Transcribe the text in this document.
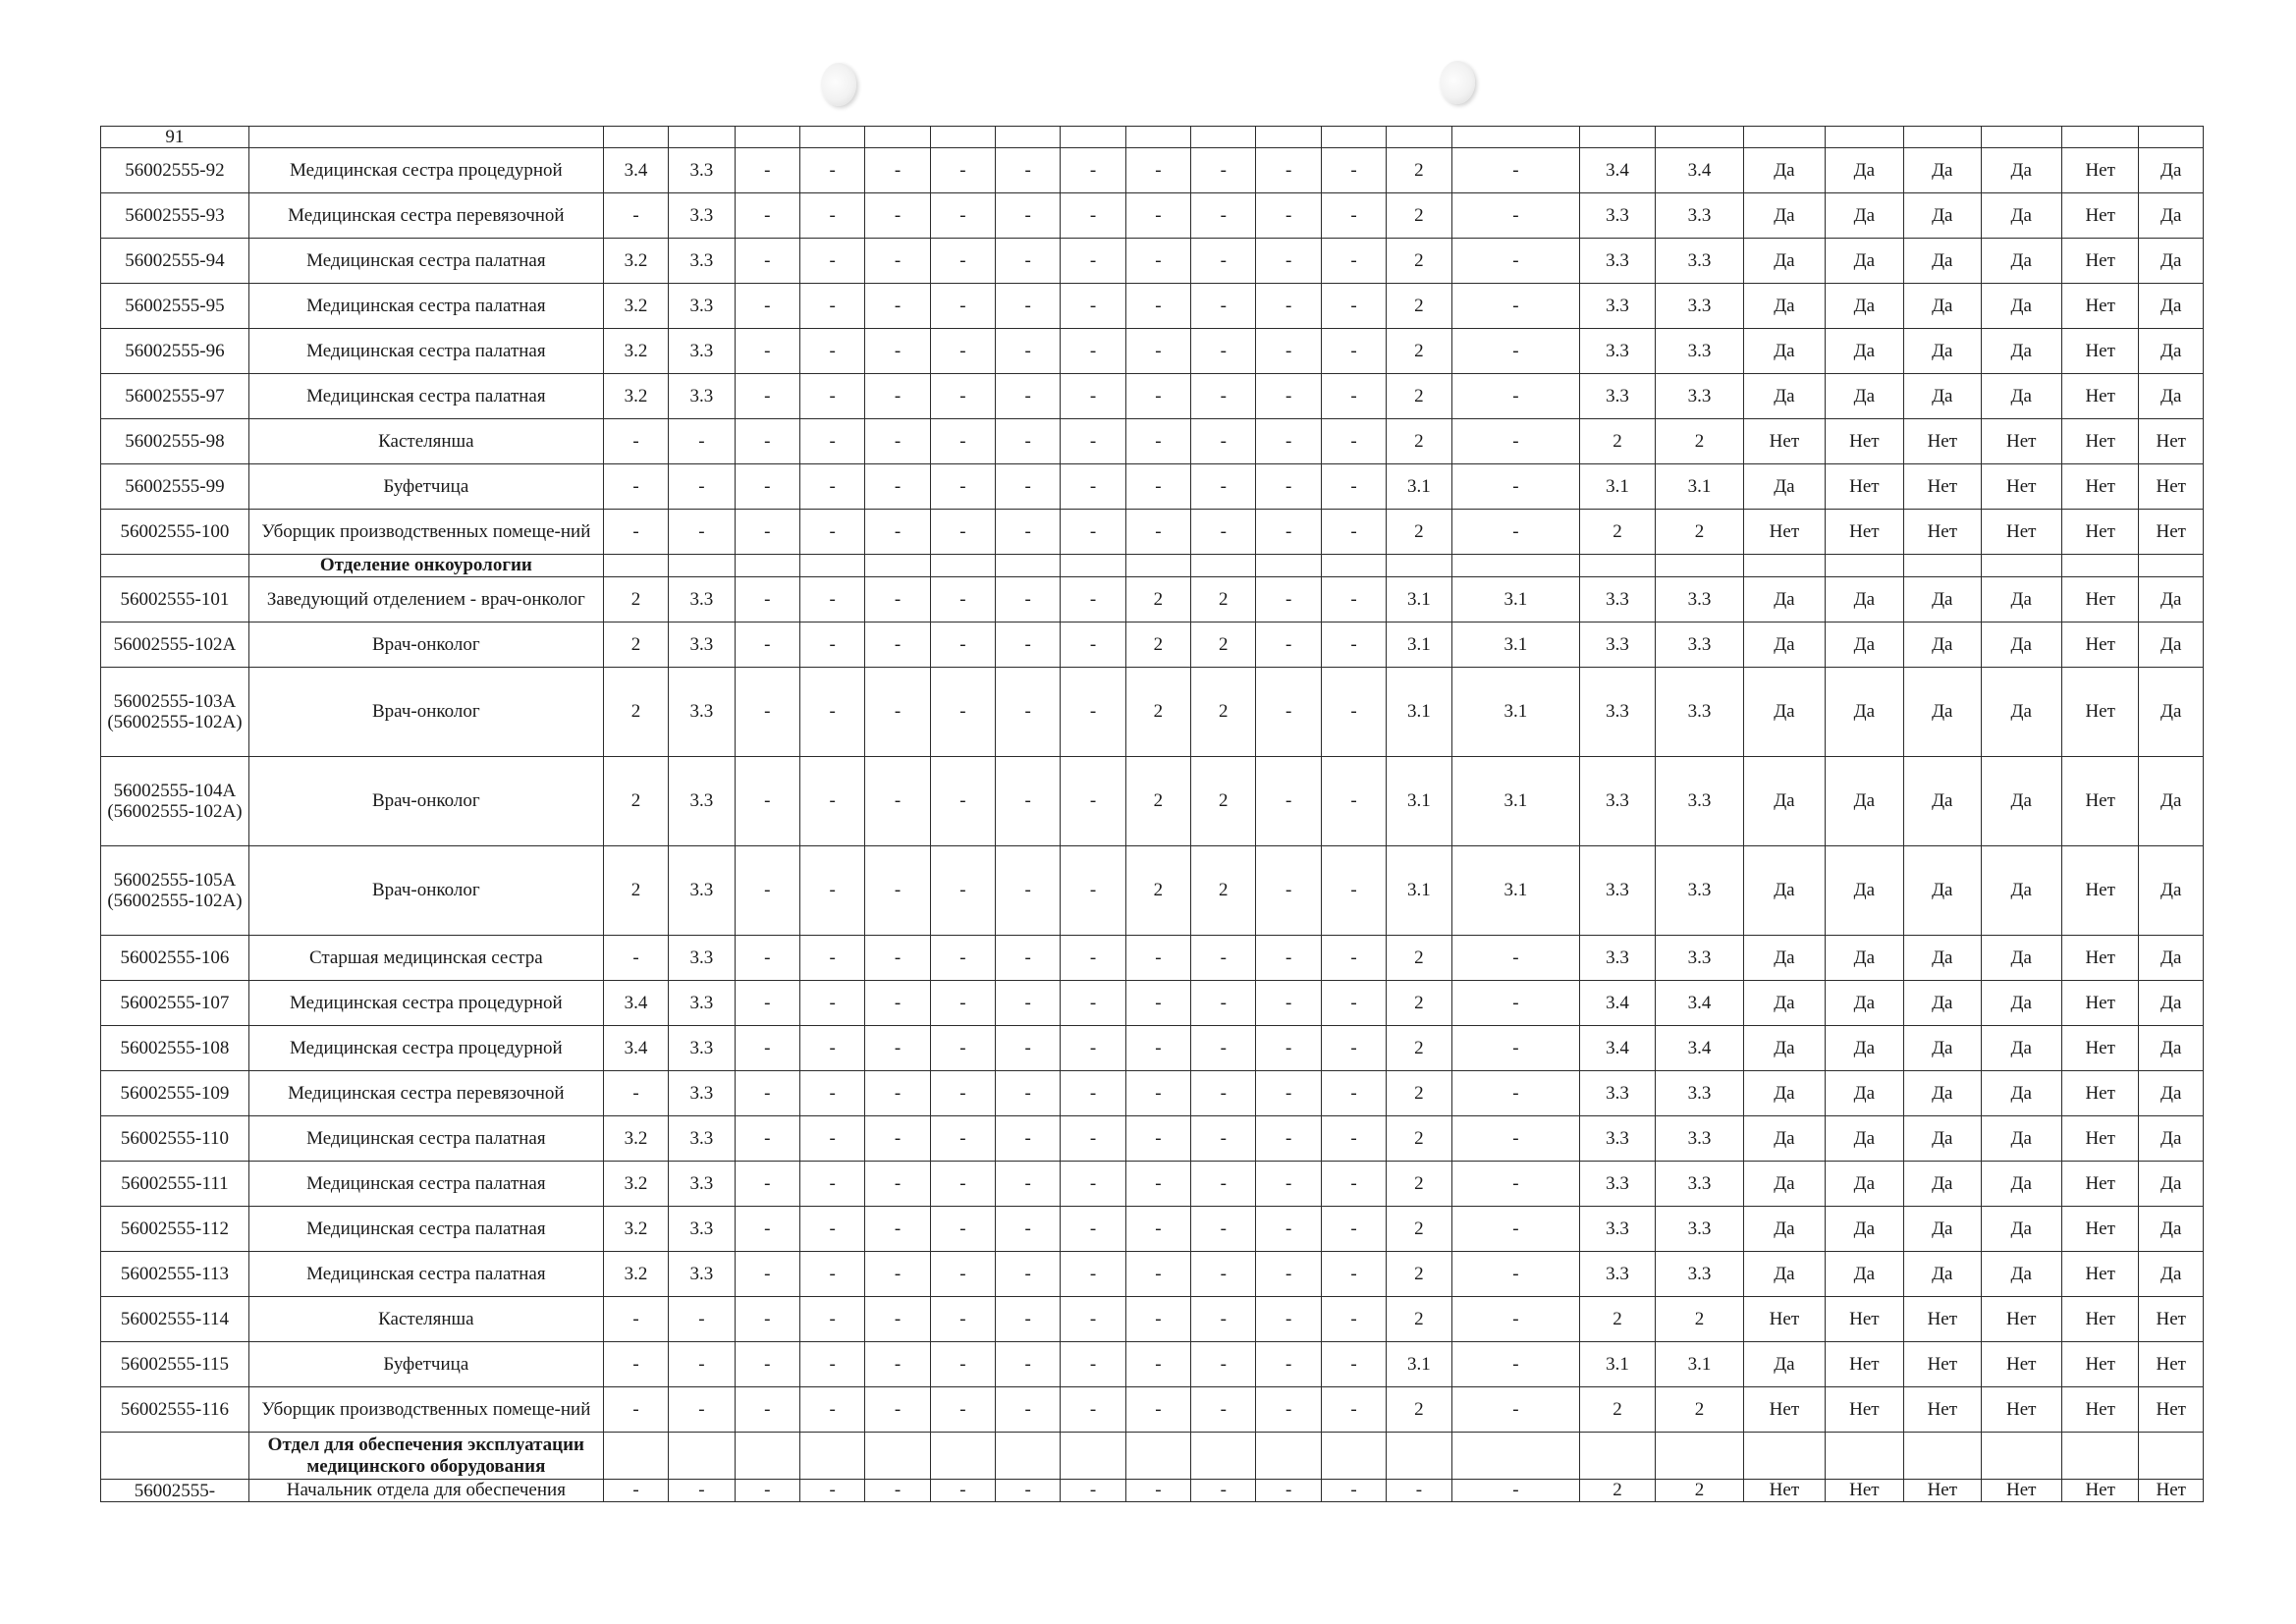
91																							
56002555-92	Медицинская сестра процедурной	3.4	3.3	-	-	-	-	-	-	-	-	-	-	2	-	3.4	3.4	Да	Да	Да	Да	Нет	Да
56002555-93	Медицинская сестра перевязочной	-	3.3	-	-	-	-	-	-	-	-	-	-	2	-	3.3	3.3	Да	Да	Да	Да	Нет	Да
56002555-94	Медицинская сестра палатная	3.2	3.3	-	-	-	-	-	-	-	-	-	-	2	-	3.3	3.3	Да	Да	Да	Да	Нет	Да
56002555-95	Медицинская сестра палатная	3.2	3.3	-	-	-	-	-	-	-	-	-	-	2	-	3.3	3.3	Да	Да	Да	Да	Нет	Да
56002555-96	Медицинская сестра палатная	3.2	3.3	-	-	-	-	-	-	-	-	-	-	2	-	3.3	3.3	Да	Да	Да	Да	Нет	Да
56002555-97	Медицинская сестра палатная	3.2	3.3	-	-	-	-	-	-	-	-	-	-	2	-	3.3	3.3	Да	Да	Да	Да	Нет	Да
56002555-98	Кастелянша	-	-	-	-	-	-	-	-	-	-	-	-	2	-	2	2	Нет	Нет	Нет	Нет	Нет	Нет
56002555-99	Буфетчица	-	-	-	-	-	-	-	-	-	-	-	-	3.1	-	3.1	3.1	Да	Нет	Нет	Нет	Нет	Нет
56002555-100	Уборщик производственных помеще-ний	-	-	-	-	-	-	-	-	-	-	-	-	2	-	2	2	Нет	Нет	Нет	Нет	Нет	Нет
	Отделение онкоурологии																						
56002555-101	Заведующий отделением - врач-онколог	2	3.3	-	-	-	-	-	-	2	2	-	-	3.1	3.1	3.3	3.3	Да	Да	Да	Да	Нет	Да
56002555-102А	Врач-онколог	2	3.3	-	-	-	-	-	-	2	2	-	-	3.1	3.1	3.3	3.3	Да	Да	Да	Да	Нет	Да
56002555-103А (56002555-102А)	Врач-онколог	2	3.3	-	-	-	-	-	-	2	2	-	-	3.1	3.1	3.3	3.3	Да	Да	Да	Да	Нет	Да
56002555-104А (56002555-102А)	Врач-онколог	2	3.3	-	-	-	-	-	-	2	2	-	-	3.1	3.1	3.3	3.3	Да	Да	Да	Да	Нет	Да
56002555-105А (56002555-102А)	Врач-онколог	2	3.3	-	-	-	-	-	-	2	2	-	-	3.1	3.1	3.3	3.3	Да	Да	Да	Да	Нет	Да
56002555-106	Старшая медицинская сестра	-	3.3	-	-	-	-	-	-	-	-	-	-	2	-	3.3	3.3	Да	Да	Да	Да	Нет	Да
56002555-107	Медицинская сестра процедурной	3.4	3.3	-	-	-	-	-	-	-	-	-	-	2	-	3.4	3.4	Да	Да	Да	Да	Нет	Да
56002555-108	Медицинская сестра процедурной	3.4	3.3	-	-	-	-	-	-	-	-	-	-	2	-	3.4	3.4	Да	Да	Да	Да	Нет	Да
56002555-109	Медицинская сестра перевязочной	-	3.3	-	-	-	-	-	-	-	-	-	-	2	-	3.3	3.3	Да	Да	Да	Да	Нет	Да
56002555-110	Медицинская сестра палатная	3.2	3.3	-	-	-	-	-	-	-	-	-	-	2	-	3.3	3.3	Да	Да	Да	Да	Нет	Да
56002555-111	Медицинская сестра палатная	3.2	3.3	-	-	-	-	-	-	-	-	-	-	2	-	3.3	3.3	Да	Да	Да	Да	Нет	Да
56002555-112	Медицинская сестра палатная	3.2	3.3	-	-	-	-	-	-	-	-	-	-	2	-	3.3	3.3	Да	Да	Да	Да	Нет	Да
56002555-113	Медицинская сестра палатная	3.2	3.3	-	-	-	-	-	-	-	-	-	-	2	-	3.3	3.3	Да	Да	Да	Да	Нет	Да
56002555-114	Кастелянша	-	-	-	-	-	-	-	-	-	-	-	-	2	-	2	2	Нет	Нет	Нет	Нет	Нет	Нет
56002555-115	Буфетчица	-	-	-	-	-	-	-	-	-	-	-	-	3.1	-	3.1	3.1	Да	Нет	Нет	Нет	Нет	Нет
56002555-116	Уборщик производственных помеще-ний	-	-	-	-	-	-	-	-	-	-	-	-	2	-	2	2	Нет	Нет	Нет	Нет	Нет	Нет
	Отдел для обеспечения эксплуатации медицинского оборудования																						
56002555-	Начальник отдела для обеспечения	-	-	-	-	-	-	-	-	-	-	-	-	-	-	2	2	Нет	Нет	Нет	Нет	Нет	Нет
